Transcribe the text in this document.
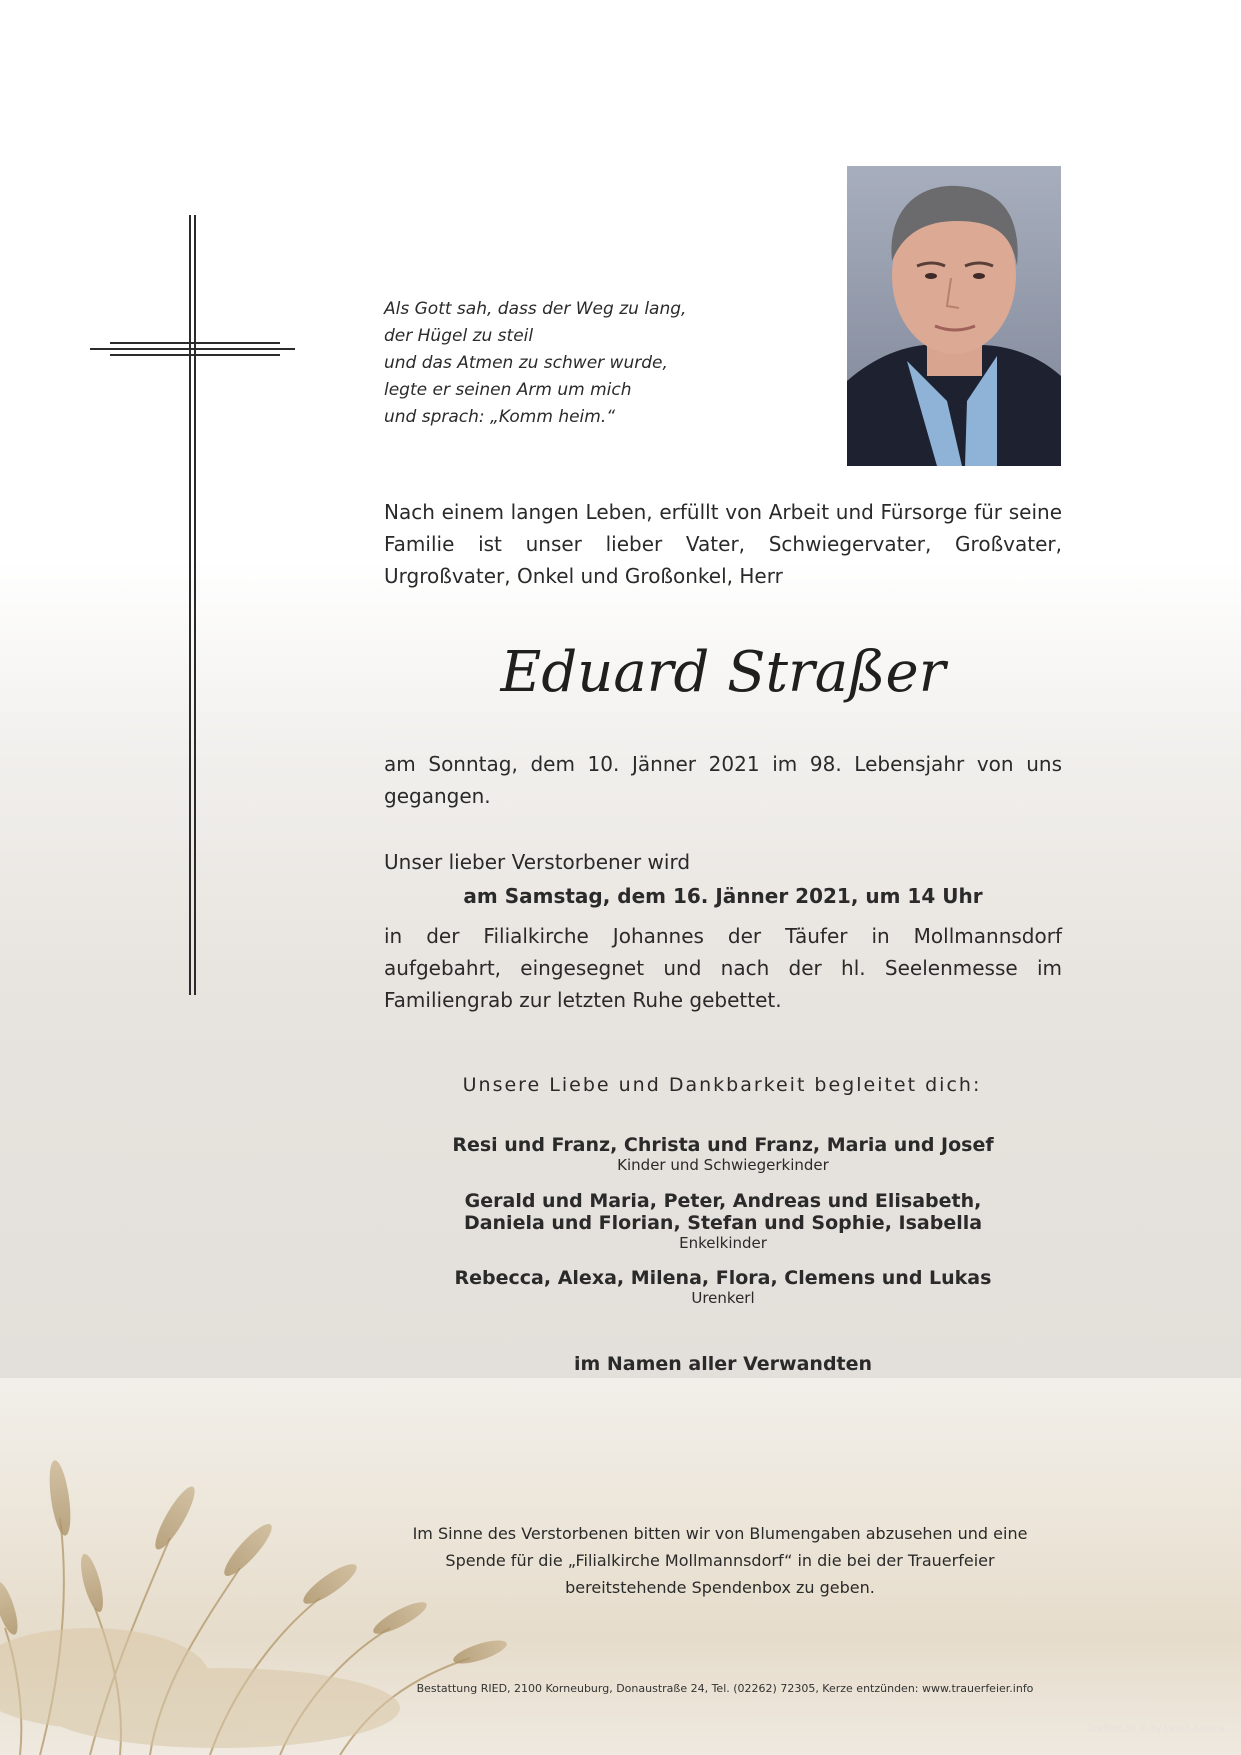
Als Gott sah, dass der Weg zu lang,
der Hügel zu steil
und das Atmen zu schwer wurde,
legte er seinen Arm um mich
und sprach: „Komm heim.“
Nach einem langen Leben, erfüllt von Arbeit und Fürsorge für seine Familie ist unser lieber Vater, Schwiegervater, Großvater, Urgroßvater, Onkel und Großonkel, Herr
Eduard Straßer
am Sonntag, dem 10. Jänner 2021 im 98. Lebensjahr von uns gegangen.
Unser lieber Verstorbener wird
am Samstag, dem 16. Jänner 2021, um 14 Uhr
in der Filialkirche Johannes der Täufer in Mollmannsdorf aufgebahrt, eingesegnet und nach der hl. Seelenmesse im Familiengrab zur letzten Ruhe gebettet.
Unsere Liebe und Dankbarkeit begleitet dich:
Resi und Franz, Christa und Franz, Maria und Josef
Kinder und Schwiegerkinder
Gerald und Maria, Peter, Andreas und Elisabeth,
Daniela und Florian, Stefan und Sophie, Isabella
Enkelkinder
Rebecca, Alexa, Milena, Flora, Clemens und Lukas
Urenkerl
im Namen aller Verwandten
Im Sinne des Verstorbenen bitten wir von Blumengaben abzusehen und eine
Spende für die „Filialkirche Mollmannsdorf“ in die bei der Trauerfeier
bereitstehende Spendenbox zu geben.
Bestattung RIED, 2100 Korneuburg, Donaustraße 24, Tel. (02262) 72305, Kerze entzünden: www.trauerfeier.info
Grafikik 30 © by Lesch Austria
